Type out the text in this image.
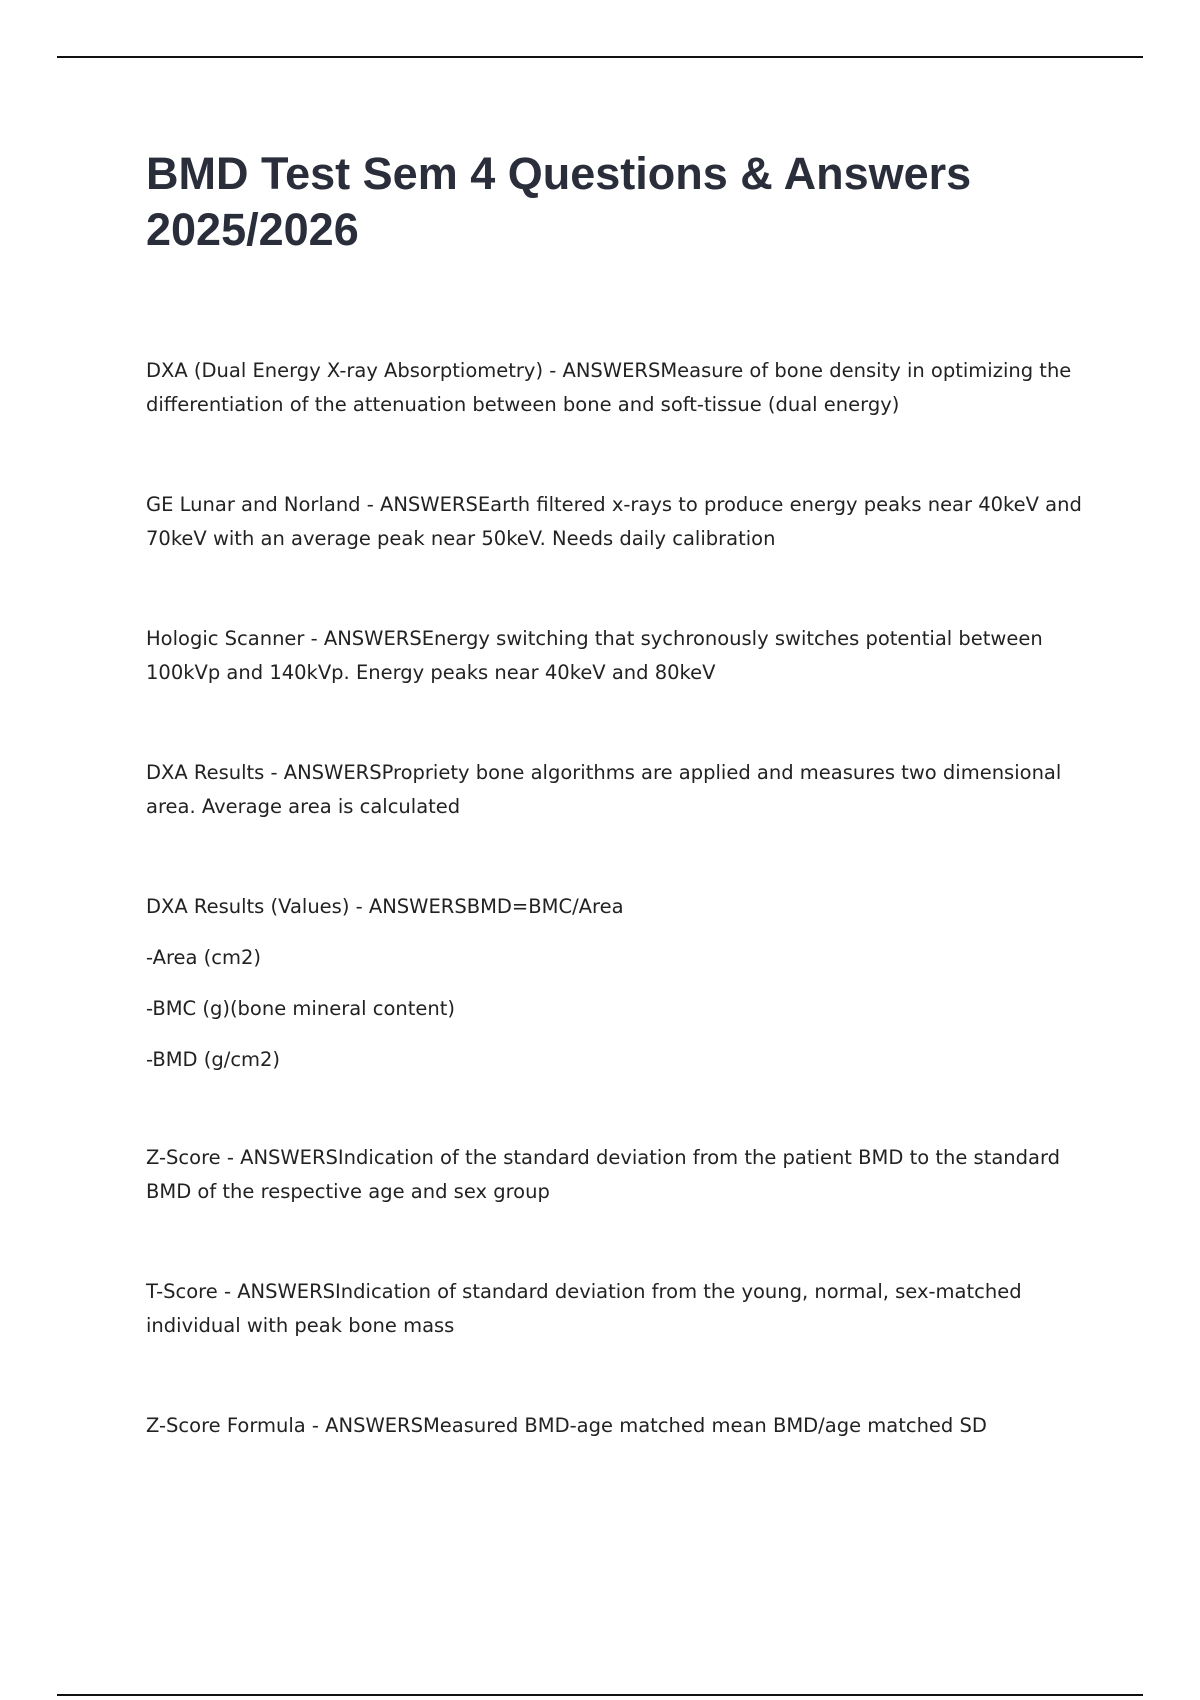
BMD Test Sem 4 Questions & Answers 2025/2026

DXA (Dual Energy X-ray Absorptiometry) - ANSWERSMeasure of bone density in optimizing the differentiation of the attenuation between bone and soft-tissue (dual energy)

GE Lunar and Norland - ANSWERSEarth filtered x-rays to produce energy peaks near 40keV and 70keV with an average peak near 50keV. Needs daily calibration

Hologic Scanner - ANSWERSEnergy switching that sychronously switches potential between 100kVp and 140kVp. Energy peaks near 40keV and 80keV

DXA Results - ANSWERSPropriety bone algorithms are applied and measures two dimensional area. Average area is calculated

DXA Results (Values) - ANSWERSBMD=BMC/Area

-Area (cm2)

-BMC (g)(bone mineral content)

-BMD (g/cm2)

Z-Score - ANSWERSIndication of the standard deviation from the patient BMD to the standard BMD of the respective age and sex group

T-Score - ANSWERSIndication of standard deviation from the young, normal, sex-matched individual with peak bone mass

Z-Score Formula - ANSWERSMeasured BMD-age matched mean BMD/age matched SD
